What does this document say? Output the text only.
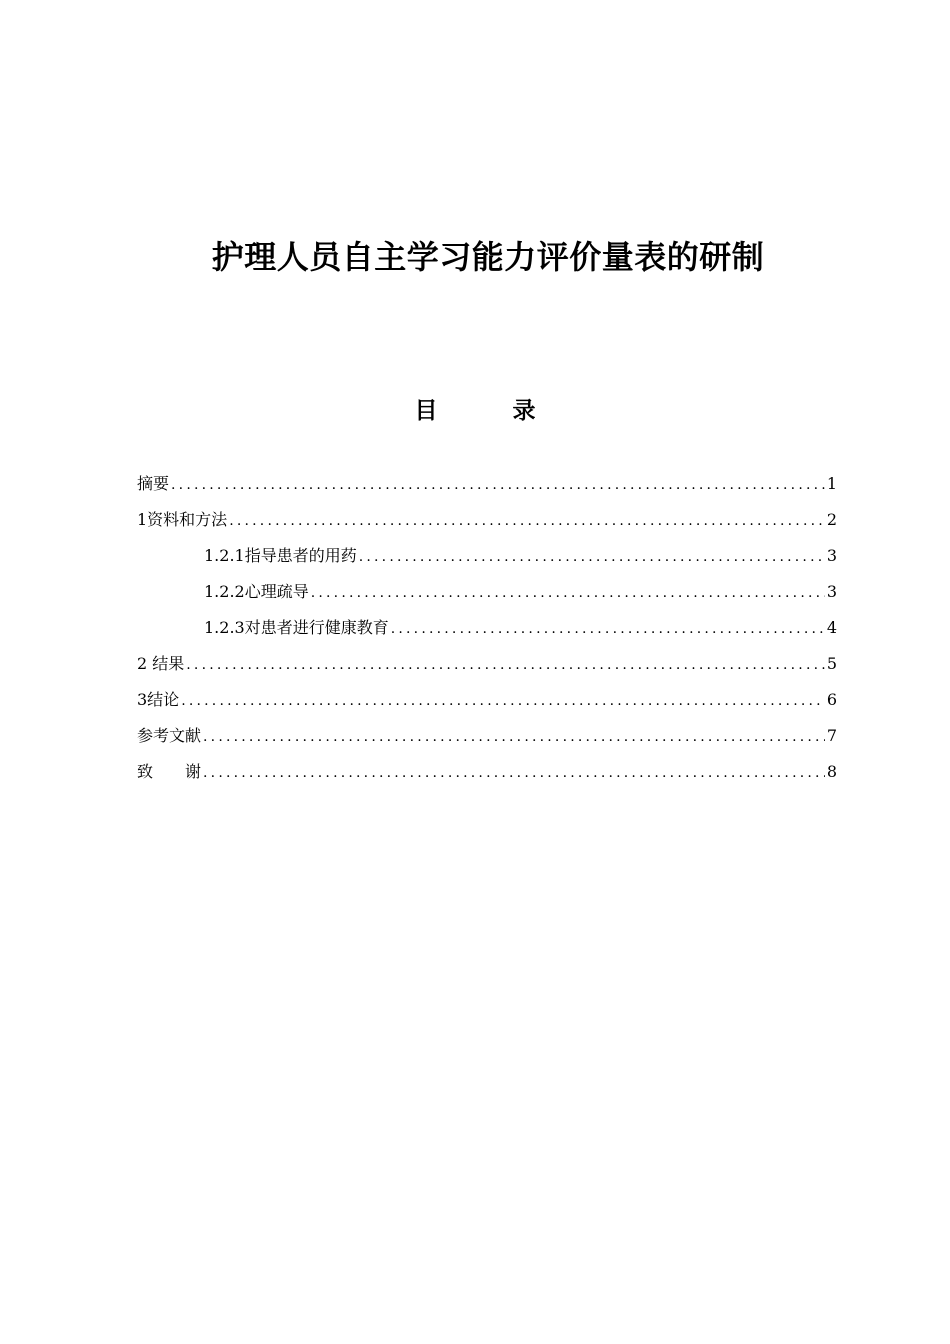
护理人员自主学习能力评价量表的研制
目　录
摘要 .....	1
1资料和方法 .....	2
1.2.1指导患者的用药 .....	3
1.2.2心理疏导 .....	3
1.2.3对患者进行健康教育 .....	4
2 结果 .....	5
3结论 .....	6
参考文献 .....	7
致　　谢 .....	8
